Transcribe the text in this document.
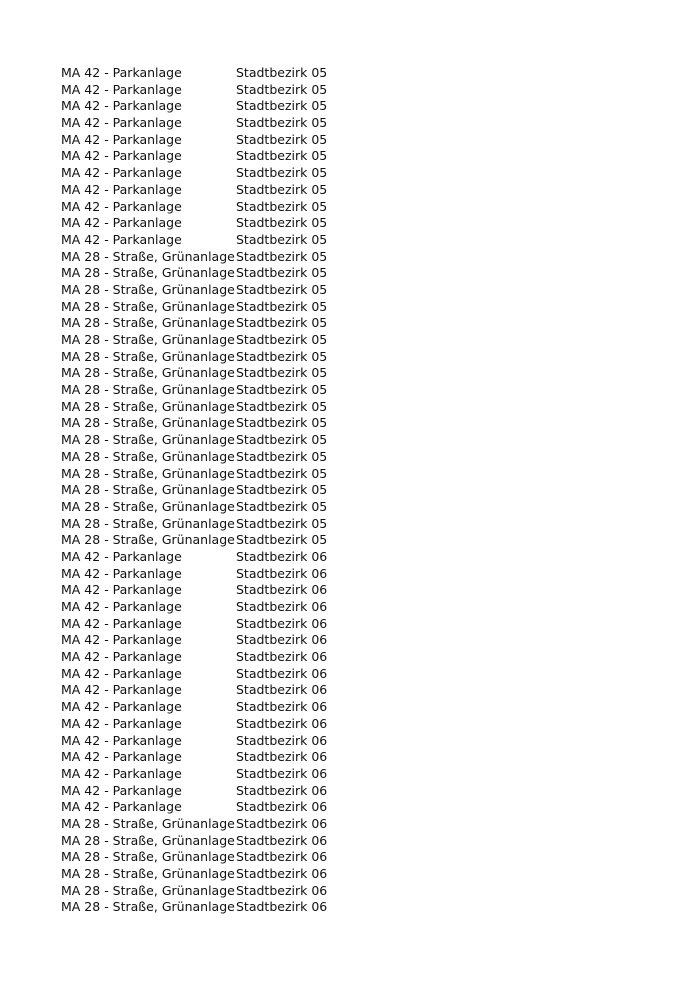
MA 42 - Parkanlage	Stadtbezirk 05
MA 42 - Parkanlage	Stadtbezirk 05
MA 42 - Parkanlage	Stadtbezirk 05
MA 42 - Parkanlage	Stadtbezirk 05
MA 42 - Parkanlage	Stadtbezirk 05
MA 42 - Parkanlage	Stadtbezirk 05
MA 42 - Parkanlage	Stadtbezirk 05
MA 42 - Parkanlage	Stadtbezirk 05
MA 42 - Parkanlage	Stadtbezirk 05
MA 42 - Parkanlage	Stadtbezirk 05
MA 42 - Parkanlage	Stadtbezirk 05
MA 28 - Straße, Grünanlage Stadtbezirk 05
MA 28 - Straße, Grünanlage Stadtbezirk 05
MA 28 - Straße, Grünanlage Stadtbezirk 05
MA 28 - Straße, Grünanlage Stadtbezirk 05
MA 28 - Straße, Grünanlage Stadtbezirk 05
MA 28 - Straße, Grünanlage Stadtbezirk 05
MA 28 - Straße, Grünanlage Stadtbezirk 05
MA 28 - Straße, Grünanlage Stadtbezirk 05
MA 28 - Straße, Grünanlage Stadtbezirk 05
MA 28 - Straße, Grünanlage Stadtbezirk 05
MA 28 - Straße, Grünanlage Stadtbezirk 05
MA 28 - Straße, Grünanlage Stadtbezirk 05
MA 28 - Straße, Grünanlage Stadtbezirk 05
MA 28 - Straße, Grünanlage Stadtbezirk 05
MA 28 - Straße, Grünanlage Stadtbezirk 05
MA 28 - Straße, Grünanlage Stadtbezirk 05
MA 28 - Straße, Grünanlage Stadtbezirk 05
MA 28 - Straße, Grünanlage Stadtbezirk 05
MA 42 - Parkanlage	Stadtbezirk 06
MA 42 - Parkanlage	Stadtbezirk 06
MA 42 - Parkanlage	Stadtbezirk 06
MA 42 - Parkanlage	Stadtbezirk 06
MA 42 - Parkanlage	Stadtbezirk 06
MA 42 - Parkanlage	Stadtbezirk 06
MA 42 - Parkanlage	Stadtbezirk 06
MA 42 - Parkanlage	Stadtbezirk 06
MA 42 - Parkanlage	Stadtbezirk 06
MA 42 - Parkanlage	Stadtbezirk 06
MA 42 - Parkanlage	Stadtbezirk 06
MA 42 - Parkanlage	Stadtbezirk 06
MA 42 - Parkanlage	Stadtbezirk 06
MA 42 - Parkanlage	Stadtbezirk 06
MA 42 - Parkanlage	Stadtbezirk 06
MA 42 - Parkanlage	Stadtbezirk 06
MA 28 - Straße, Grünanlage Stadtbezirk 06
MA 28 - Straße, Grünanlage Stadtbezirk 06
MA 28 - Straße, Grünanlage Stadtbezirk 06
MA 28 - Straße, Grünanlage Stadtbezirk 06
MA 28 - Straße, Grünanlage Stadtbezirk 06
MA 28 - Straße, Grünanlage Stadtbezirk 06
